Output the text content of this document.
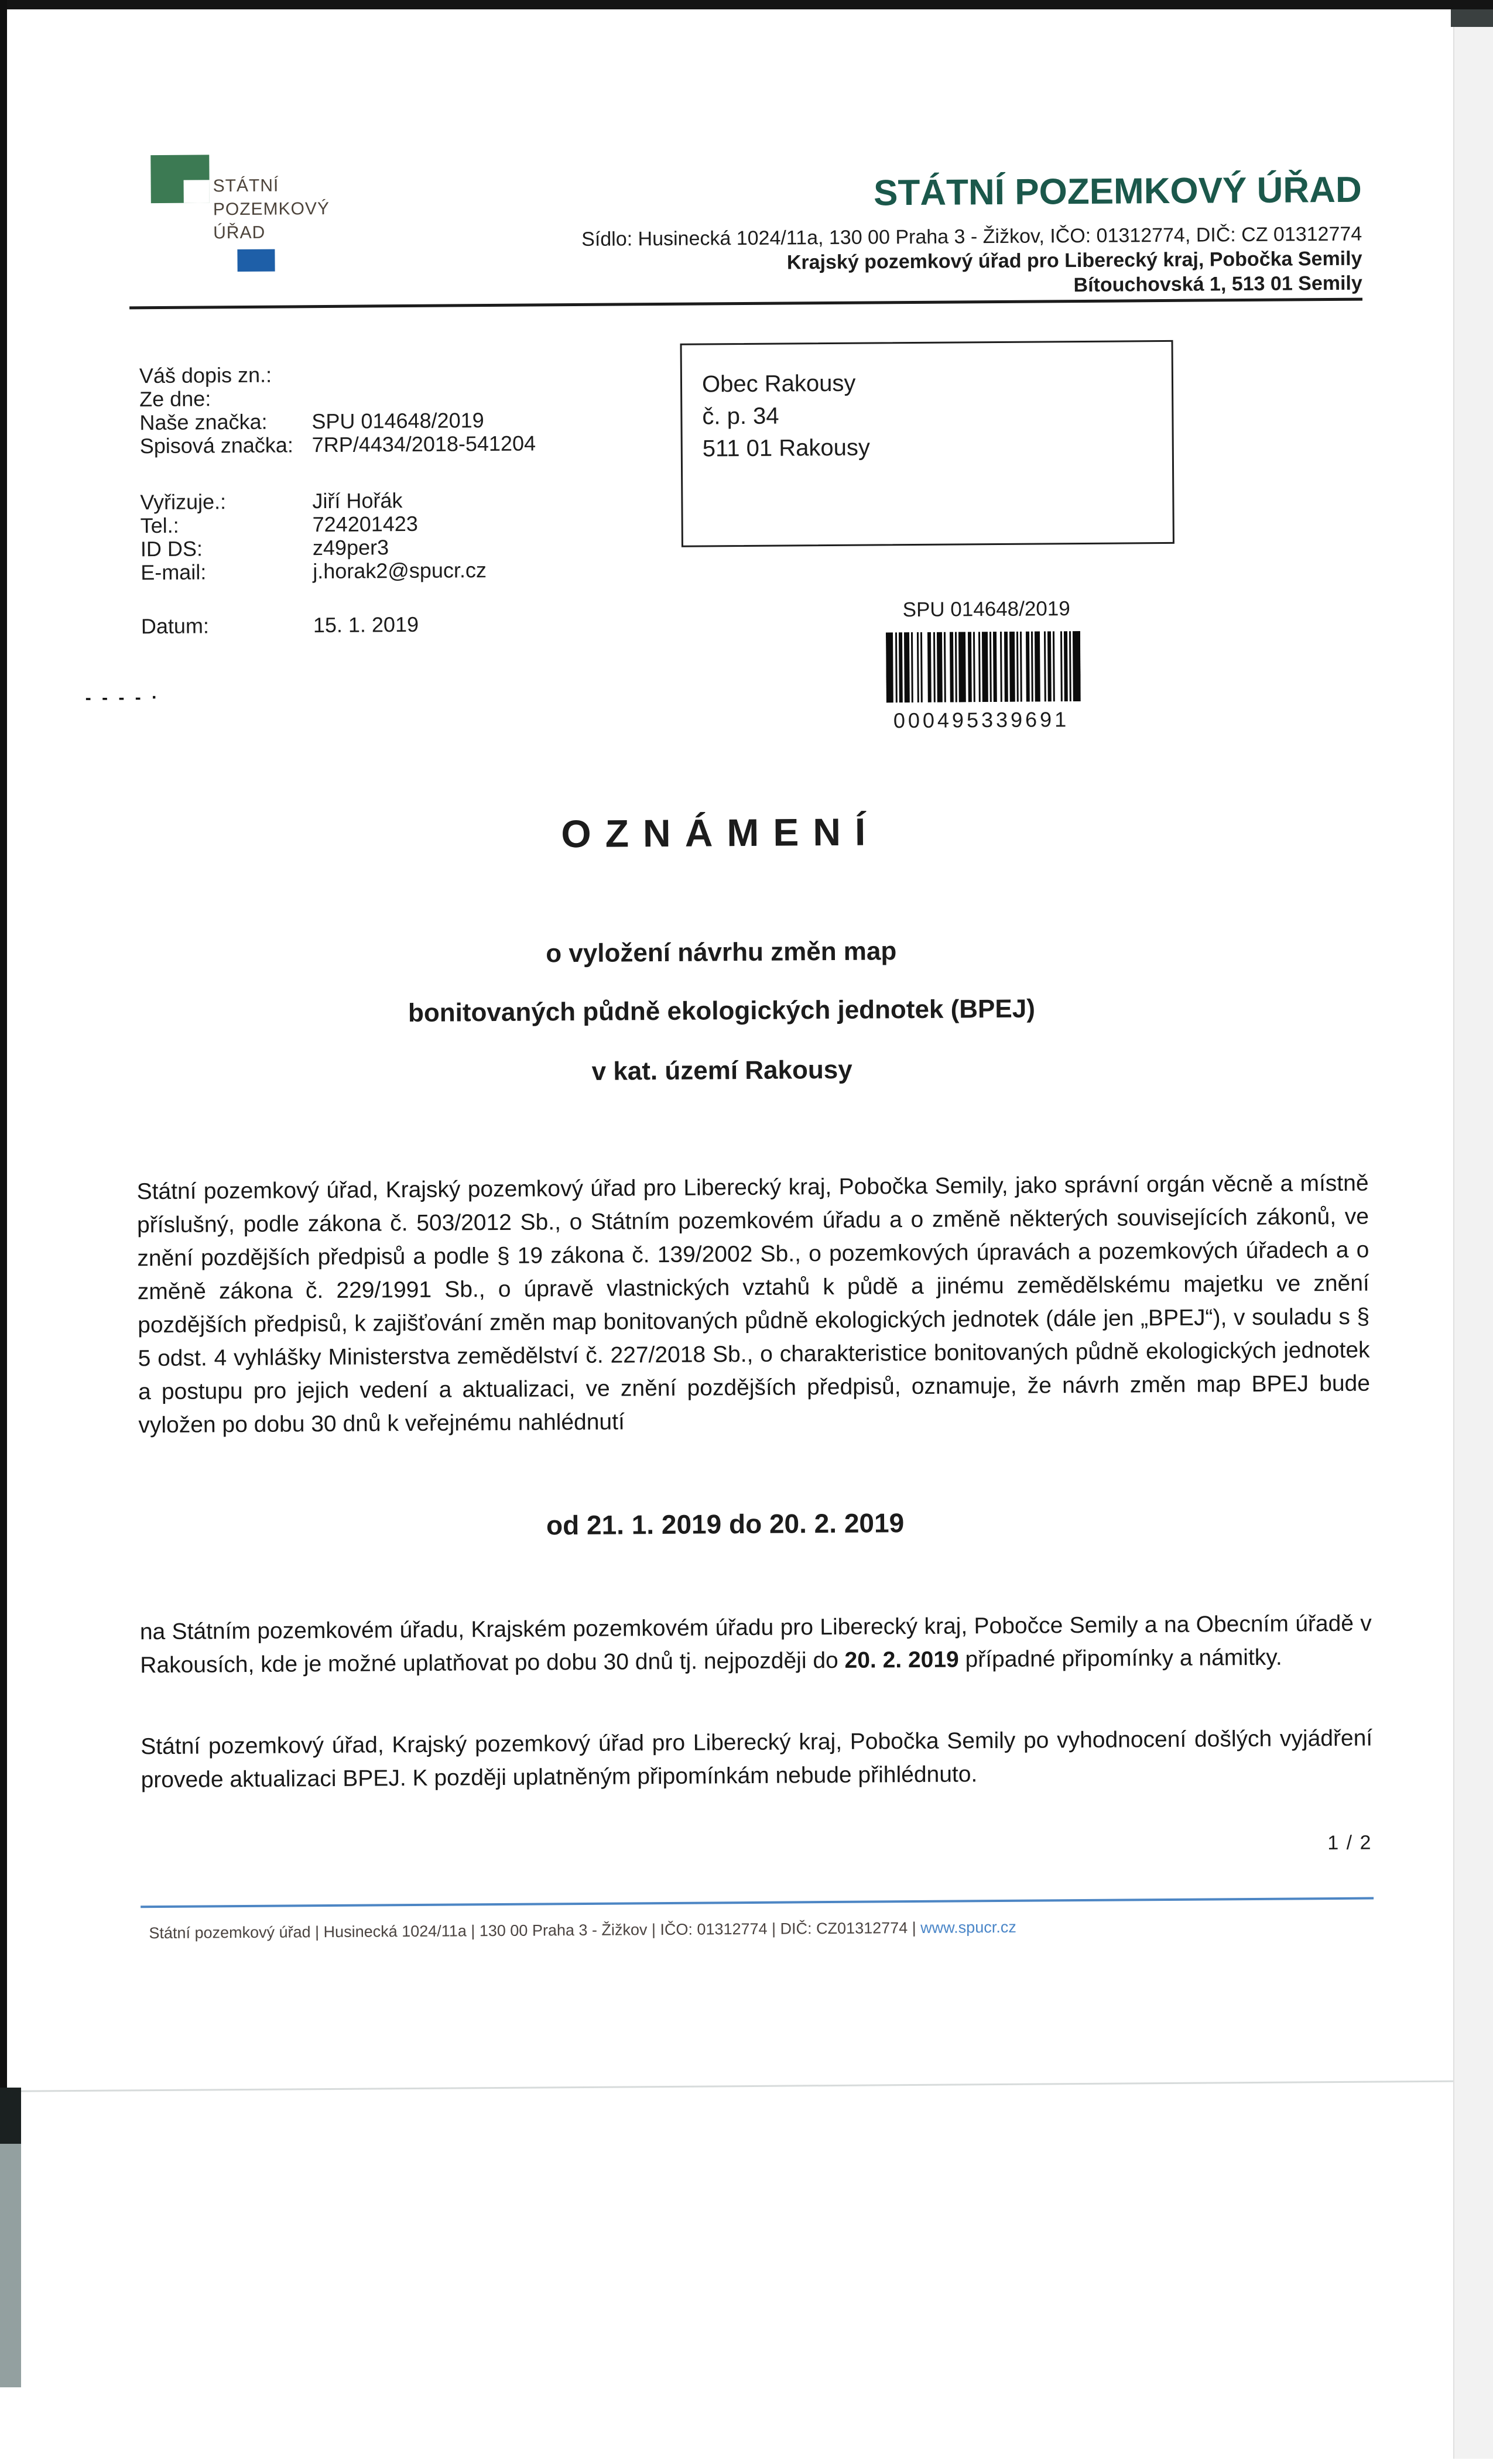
STÁTNÍ
POZEMKOVÝ
ÚŘAD
STÁTNÍ POZEMKOVÝ ÚŘAD
Sídlo: Husinecká 1024/11a, 130 00 Praha 3 - Žižkov, IČO: 01312774, DIČ: CZ 01312774
Krajský pozemkový úřad pro Liberecký kraj, Pobočka Semily
Bítouchovská 1, 513 01 Semily
Váš dopis zn.:
Ze dne:
Naše značka: SPU 014648/2019
Spisová značka: 7RP/4434/2018-541204
Vyřizuje.:	Jiří Hořák
Tel.:	724201423
ID DS:	z49per3
E-mail:	j.horak2@spucr.cz
Datum:	15. 1. 2019
Obec Rakousy
č. p. 34
511 01 Rakousy
- - - - ·
SPU 014648/2019
000495339691
OZNÁMENÍ
o vyložení návrhu změn map
bonitovaných půdně ekologických jednotek (BPEJ)
v kat. území Rakousy
Státní pozemkový úřad, Krajský pozemkový úřad pro Liberecký kraj, Pobočka Semily, jako správní orgán věcně a místně příslušný, podle zákona č. 503/2012 Sb., o Státním pozemkovém úřadu a o změně některých souvisejících zákonů, ve znění pozdějších předpisů a podle § 19 zákona č. 139/2002 Sb., o pozemkových úpravách a pozemkových úřadech a o změně zákona č. 229/1991 Sb., o úpravě vlastnických vztahů k půdě a jinému zemědělskému majetku ve znění pozdějších předpisů, k zajišťování změn map bonitovaných půdně ekologických jednotek (dále jen „BPEJ“), v souladu s § 5 odst. 4 vyhlášky Ministerstva zemědělství č. 227/2018 Sb., o charakteristice bonitovaných půdně ekologických jednotek a postupu pro jejich vedení a aktualizaci, ve znění pozdějších předpisů, oznamuje, že návrh změn map BPEJ bude vyložen po dobu 30 dnů k veřejnému nahlédnutí
od 21. 1. 2019 do 20. 2. 2019
na Státním pozemkovém úřadu, Krajském pozemkovém úřadu pro Liberecký kraj, Pobočce Semily a na Obecním úřadě v Rakousích, kde je možné uplatňovat po dobu 30 dnů tj. nejpozději do 20. 2. 2019 případné připomínky a námitky.
Státní pozemkový úřad, Krajský pozemkový úřad pro Liberecký kraj, Pobočka Semily po vyhodnocení došlých vyjádření provede aktualizaci BPEJ. K později uplatněným připomínkám nebude přihlédnuto.
1 / 2
Státní pozemkový úřad | Husinecká 1024/11a | 130 00 Praha 3 - Žižkov | IČO: 01312774 | DIČ: CZ01312774 | www.spucr.cz
